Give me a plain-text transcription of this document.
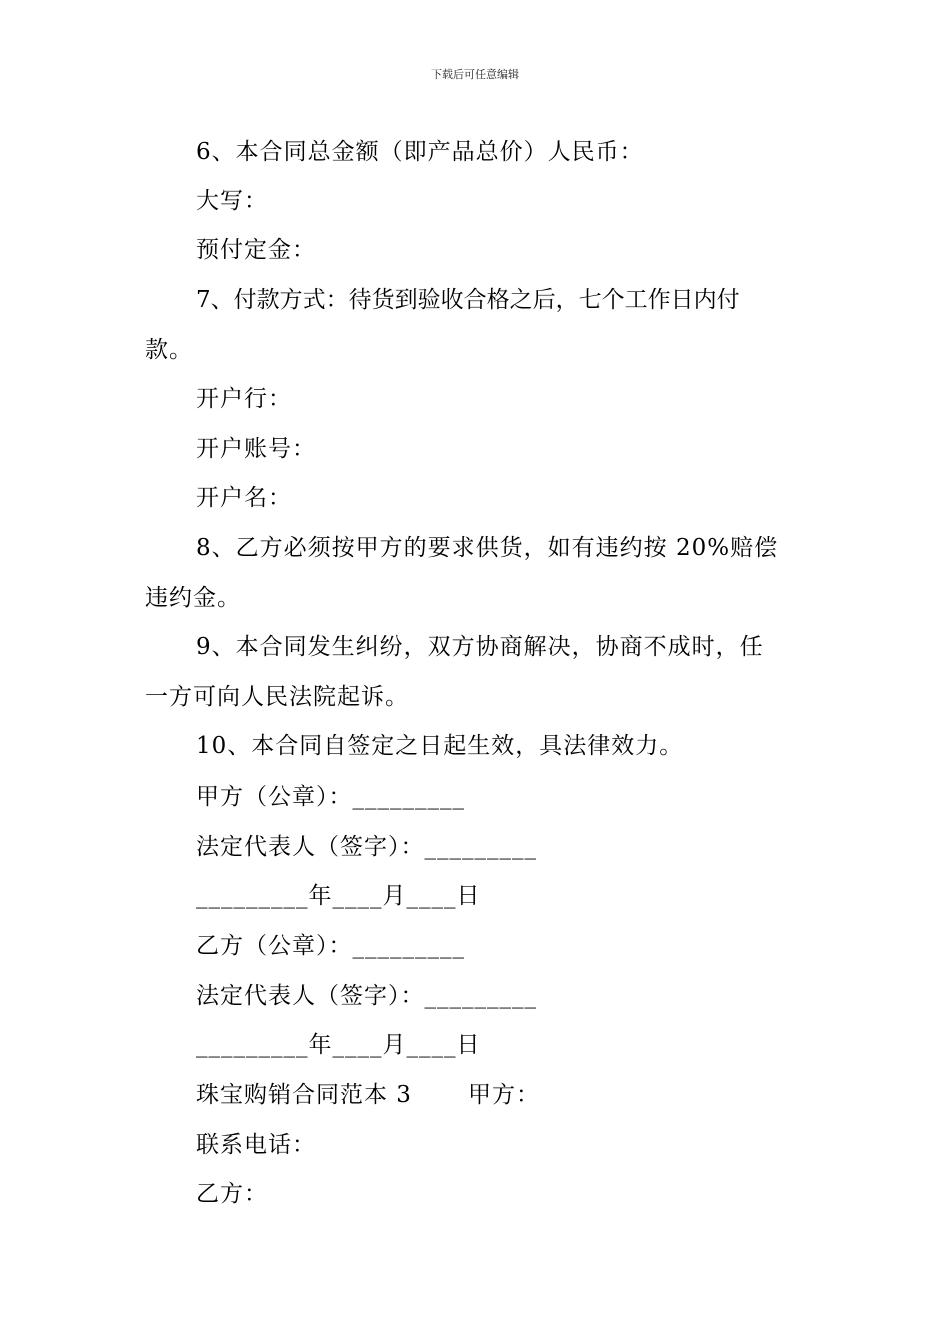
下载后可任意编辑
6、本合同总金额（即产品总价）人民币：
大写：
预付定金：
7、付款方式：待货到验收合格之后，七个工作日内付
款。
开户行：
开户账号：
开户名：
8、乙方必须按甲方的要求供货，如有违约按 20%赔偿
违约金。
9、本合同发生纠纷，双方协商解决，协商不成时，任
一方可向人民法院起诉。
10、本合同自签定之日起生效，具法律效力。
甲方（公章）：_________
法定代表人（签字）：_________
_________年____月____日
乙方（公章）：_________
法定代表人（签字）：_________
_________年____月____日
珠宝购销合同范本 3 甲方：
联系电话：
乙方：
